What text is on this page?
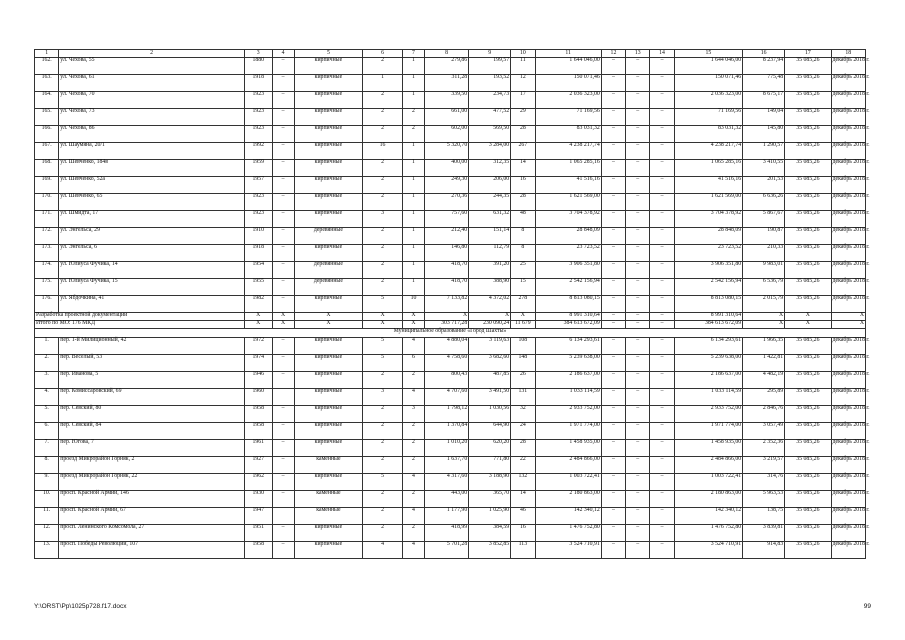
1	2	3	4	5	6	7	8	9	10	11	12	13	14	15	16	17	18
162.	ул. Чехова, 55	1880	–	кирпичные	2	1	279,86	199,57	11	1 644 046,00	–	–	–	1 644 046,00	8 237,94	35 085,26	декабрь 2018 г.

163.	ул. Чехова, 61	1918	–	кирпичные	1	1	311,28	193,52	12	150 071,46	–	–	–	150 071,46	775,48	35 085,26	декабрь 2018 г.

164.	ул. Чехова, 70	1923	–	кирпичные	2	1	339,50	234,73	17	2 036 323,00	–	–	–	2 036 323,00	8 675,17	35 085,26	декабрь 2018 г.

165.	ул. Чехова, 73	1923	–	кирпичные	2	2	661,00	477,52	29	71 169,56	–	–	–	71 169,56	149,04	35 085,26	декабрь 2018 г.

166.	ул. Чехова, 86	1923	–	кирпичные	2	2	602,00	569,50	28	83 031,32	–	–	–	83 031,32	145,80	35 085,26	декабрь 2018 г.

167.	ул. Шаумяна, 20/1	1992	–	кирпичные	16	1	5 320,70	3 284,00	267	4 238 217,74	–	–	–	4 238 217,74	1 290,57	35 085,26	декабрь 2018 г.

168.	ул. Шевченко, 184в	1959	–	кирпичные	2	1	400,00	312,35	14	1 065 285,16	–	–	–	1 065 285,16	3 410,55	35 085,26	декабрь 2018 г.

169.	ул. Шевченко, 52а	1957	–	кирпичные	2	1	249,30	206,00	16	41 516,16	–	–	–	41 516,16	201,53	35 085,26	декабрь 2018 г.

170.	ул. Шевченко, 65	1923	–	кирпичные	2	1	270,36	244,35	28	1 621 569,00	–	–	–	1 621 569,00	6 636,26	35 085,26	декабрь 2018 г.

171.	ул. Шмидта, 17	1923	–	кирпичные	3	1	757,60	631,32	48	3 704 378,92	–	–	–	3 704 378,92	5 867,67	35 085,26	декабрь 2018 г.

172.	ул. Энгельса, 29	1910	–	деревянные	2	1	212,40	151,14	8	28 848,09	–	–	–	28 848,09	190,87	35 085,26	декабрь 2018 г.

173.	ул. Энгельса, 6	1918	–	кирпичные	2	1	146,80	112,79	8	23 723,52	–	–	–	23 723,52	210,33	35 085,26	декабрь 2018 г.

174.	ул. Юлиуса Фучика, 14	1954	–	деревянные	2	1	418,70	391,20	25	3 906 351,80	–	–	–	3 906 351,80	9 983,01	35 085,26	декабрь 2018 г.

175.	ул. Юлиуса Фучика, 15	1955	–	деревянные	2	1	418,70	388,90	15	2 542 156,94	–	–	–	2 542 156,94	6 536,79	35 085,26	декабрь 2018 г.

176.	ул. Ябдочкина, 41	1982	–	кирпичные	5	10	7 133,82	4 372,02	278	8 813 080,15	–	–	–	8 813 080,15	2 015,79	35 085,26	декабрь 2018 г.

Разработка проектной документации		X	X	X	X	X	X	X	X	8 991 310,64	–	–	–	8 991 310,64	X	X	X
Итого по МО: 176 МКД		X	X	X	X	X	303 717,28	230 090,24	11 679	384 613 672,09	–	–	–	384 613 672,09	X	X	X
Муниципальное образование «Город Шахты»																	
1.	пер. 1-й Милиционный, 42	1972	–	кирпичные	5	4	4 880,04	3 119,63	108	6 134 293,61	–	–	–	6 134 293,61	1 966,35	35 085,26	декабрь 2018 г.

2.	пер. Веселый, 53	1974	–	кирпичные	5	6	4 758,60	3 682,60	148	5 239 638,00	–	–	–	5 239 638,00	1 422,81	35 085,26	декабрь 2018 г.

3.	пер. Иванова, 5	1946	–	кирпичные	2	2	800,43	487,85	26	2 186 637,00	–	–	–	2 186 637,00	4 482,19	35 085,26	декабрь 2018 г.

4.	пер. Комиссаровский, 69	1960		кирпичные	3	4	4 707,60	3 491,50	131	1 033 114,59	–	–	–	1 033 114,59	295,89	35 085,26	декабрь 2018 г.

5.	пер. Севский, 80	1958	–	кирпичные	2	3	1 798,12	1 030,56	32	2 933 752,00	–	–	–	2 933 752,00	2 846,76	35 085,26	декабрь 2018 г.

6.	пер. Севский, 84	1958	–	кирпичные	2	2	1 370,84	644,90	24	1 971 774,00	–	–	–	1 971 774,00	3 057,49	35 085,26	декабрь 2018 г.

7.	пер. Югова, 7	1961	–	кирпичные	2	2	1 010,20	620,20	28	1 458 935,00	–	–	–	1 458 935,00	2 352,36	35 085,26	декабрь 2018 г.

8.	проезд Микрорайон Горняк, 2	1927	–	каменные	2	2	1 637,70	771,80	22	2 484 866,00	–	–	–	2 484 866,00	3 219,57	35 085,26	декабрь 2018 г.

9.	проезд Микрорайон Горняк, 22	1962	–	кирпичные	5	4	4 317,60	3 188,90	132	1 003 722,41	–	–	–	1 003 722,41	314,76	35 085,26	декабрь 2018 г.

10.	просп. Красной Армии, 146	1930	–	каменные	2	2	443,00	365,70	14	2 180 863,00	–	–	–	2 180 863,00	5 963,53	35 085,26	декабрь 2018 г.

11.	просп. Красной Армии, 67	1947		каменные	2	4	1 177,90	1 025,90	46	142 340,12	–	–	–	142 340,12	138,75	35 085,26	декабрь 2018 г.

12.	просп. Ленинского Комсомола, 27	1951	–	кирпичные	2	2	418,99	384,59	16	1 476 752,80	–	–	–	1 476 752,80	3 839,81	35 085,26	декабрь 2018 г.

13.	просп. Победы Революции, 107	1958	–	кирпичные	4	4	5 701,28	3 852,85	113	3 524 710,91	–	–	–	3 524 710,91	914,83	35 085,26	декабрь 2018 г.
Y:\ORST\Pp\1025p728.f17.docx	99
